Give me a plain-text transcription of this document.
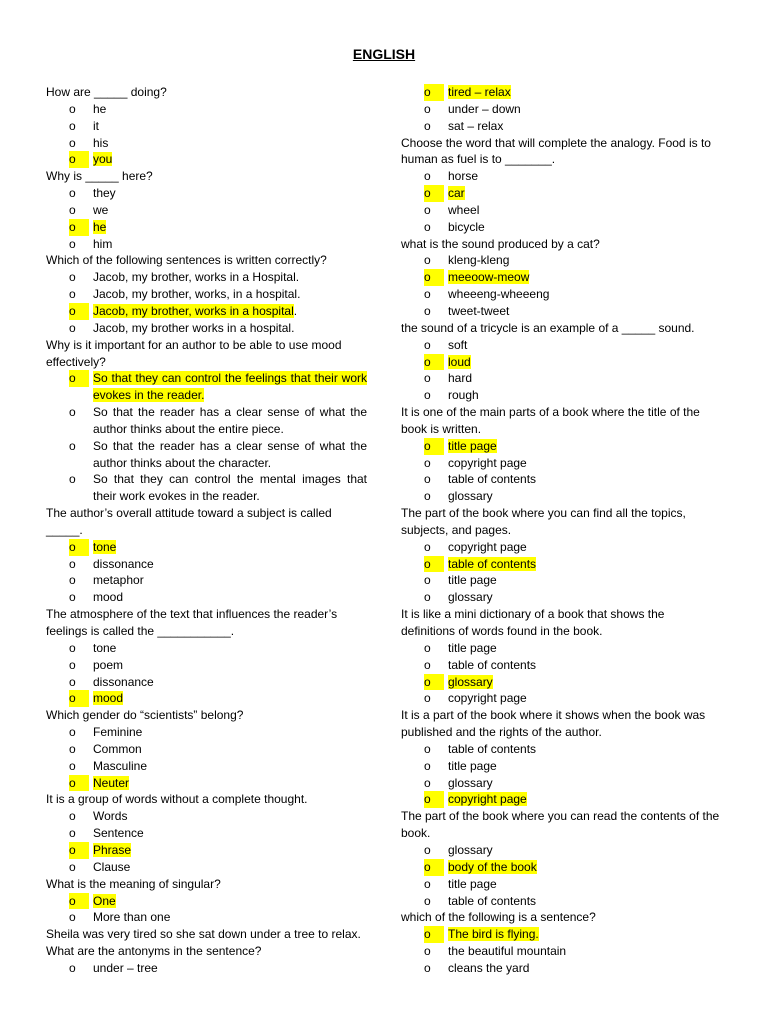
ENGLISH
How are _____ doing?
o	he
o	it
o	his
o	you
Why is _____ here?
o	they
o	we
o	he
o	him
Which of the following sentences is written correctly?
o	Jacob, my brother, works in a Hospital.
o	Jacob, my brother, works, in a hospital.
o	Jacob, my brother, works in a hospital.
o	Jacob, my brother works in a hospital.
Why is it important for an author to be able to use mood effectively?
o	So that they can control the feelings that their work evokes in the reader.
o	So that the reader has a clear sense of what the author thinks about the entire piece.
o	So that the reader has a clear sense of what the author thinks about the character.
o	So that they can control the mental images that their work evokes in the reader.
The author’s overall attitude toward a subject is called _____.
o	tone
o	dissonance
o	metaphor
o	mood
The atmosphere of the text that influences the reader’s feelings is called the ___________.
o	tone
o	poem
o	dissonance
o	mood
Which gender do “scientists” belong?
o	Feminine
o	Common
o	Masculine
o	Neuter
It is a group of words without a complete thought.
o	Words
o	Sentence
o	Phrase
o	Clause
What is the meaning of singular?
o	One
o	More than one
Sheila was very tired so she sat down under a tree to relax. What are the antonyms in the sentence?
o	under – tree
o	tired – relax
o	under – down
o	sat – relax
Choose the word that will complete the analogy. Food is to human as fuel is to _______.
o	horse
o	car
o	wheel
o	bicycle
what is the sound produced by a cat?
o	kleng-kleng
o	meeoow-meow
o	wheeeng-wheeeng
o	tweet-tweet
the sound of a tricycle is an example of a _____ sound.
o	soft
o	loud
o	hard
o	rough
It is one of the main parts of a book where the title of the book is written.
o	title page
o	copyright page
o	table of contents
o	glossary
The part of the book where you can find all the topics, subjects, and pages.
o	copyright page
o	table of contents
o	title page
o	glossary
It is like a mini dictionary of a book that shows the definitions of words found in the book.
o	title page
o	table of contents
o	glossary
o	copyright page
It is a part of the book where it shows when the book was published and the rights of the author.
o	table of contents
o	title page
o	glossary
o	copyright page
The part of the book where you can read the contents of the book.
o	glossary
o	body of the book
o	title page
o	table of contents
which of the following is a sentence?
o	The bird is flying.
o	the beautiful mountain
o	cleans the yard
